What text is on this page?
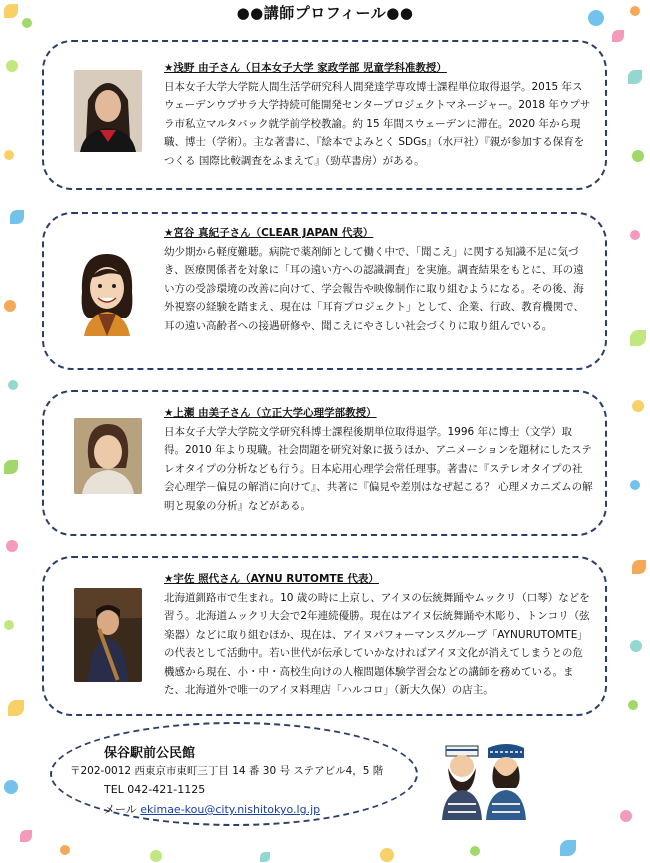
●●講師プロフィール●●
★浅野 由子さん（日本女子大学 家政学部 児童学科准教授）
日本女子大学大学院人間生活学研究科人間発達学専攻博士課程単位取得退学。2015 年スウェーデンウプサラ大学持続可能開発センタープロジェクトマネージャー。2018 年ウプサラ市私立マルタバック就学前学校教諭。約 15 年間スウェーデンに滞在。2020 年から現職、博士（学術）。主な著書に、『絵本でよみとく SDGs』（水戸社）『親が参加する保育をつくる 国際比較調査をふまえて』（勁草書房）がある。
★宮谷 真紀子さん（CLEAR JAPAN 代表）
幼少期から軽度難聴。病院で薬剤師として働く中で、「聞こえ」に関する知識不足に気づき、医療関係者を対象に「耳の遠い方への認識調査」を実施。調査結果をもとに、耳の遠い方の受診環境の改善に向けて、学会報告や映像制作に取り組むようになる。その後、海外視察の経験を踏まえ、現在は「耳育プロジェクト」として、企業、行政、教育機関で、耳の遠い高齢者への接遇研修や、聞こえにやさしい社会づくりに取り組んでいる。
★上瀬 由美子さん（立正大学心理学部教授）
日本女子大学大学院文学研究科博士課程後期単位取得退学。1996 年に博士（文学）取得。2010 年より現職。社会問題を研究対象に扱うほか、アニメーションを題材にしたステレオタイプの分析なども行う。日本応用心理学会常任理事。著書に『ステレオタイプの社会心理学－偏見の解消に向けて』、共著に『偏見や差別はなぜ起こる？ 心理メカニズムの解明と現象の分析』などがある。
★宇佐 照代さん（AYNU RUTOMTE 代表）
北海道釧路市で生まれ。10 歳の時に上京し、アイヌの伝統舞踊やムックリ（口琴）などを習う。北海道ムックリ大会で2年連続優勝。現在はアイヌ伝統舞踊や木彫り、トンコリ（弦楽器）などに取り組むほか、現在は、アイヌパフォーマンスグループ「AYNURUTOMTE」の代表として活動中。若い世代が伝承していかなければアイヌ文化が消えてしまうとの危機感から現在、小・中・高校生向けの人権問題体験学習会などの講師を務めている。また、北海道外で唯一のアイヌ料理店「ハルコロ」（新大久保）の店主。
保谷駅前公民館
〒202-0012 西東京市東町三丁目 14 番 30 号 ステアビル4，5 階
TEL 042-421-1125
メール ekimae-kou@city.nishitokyo.lg.jp
